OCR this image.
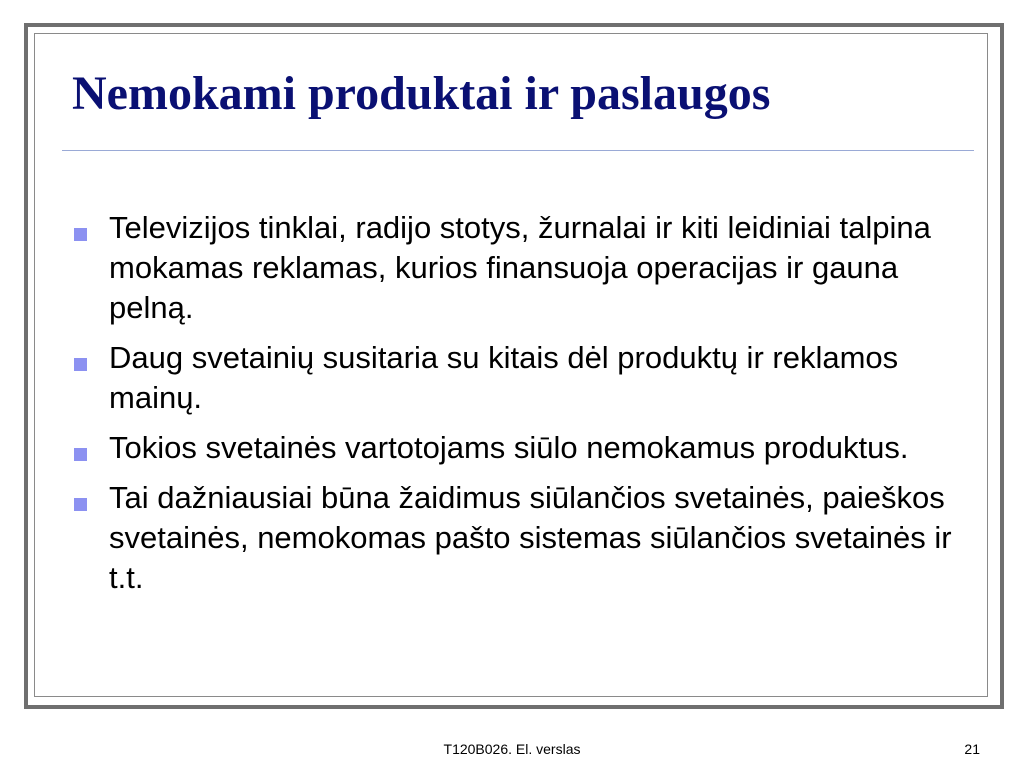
Nemokami produktai ir paslaugos
Televizijos tinklai, radijo stotys, žurnalai ir kiti leidiniai talpina mokamas reklamas, kurios finansuoja operacijas ir gauna pelną.
Daug svetainių susitaria su kitais dėl produktų ir reklamos mainų.
Tokios svetainės vartotojams siūlo nemokamus produktus.
Tai dažniausiai būna žaidimus siūlančios svetainės, paieškos svetainės, nemokomas pašto sistemas siūlančios svetainės ir t.t.
T120B026. El. verslas	21
